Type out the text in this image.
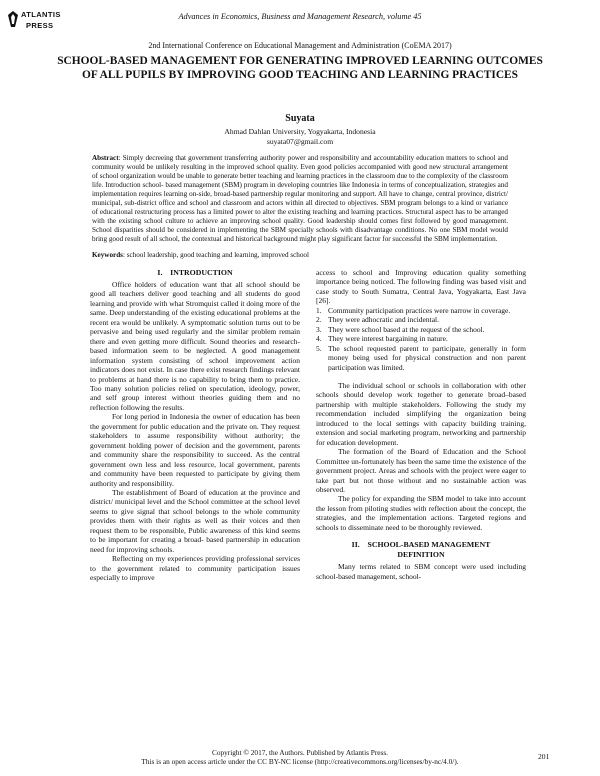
ATLANTIS
PRESS
Advances in Economics, Business and Management Research, volume 45
2nd International Conference on Educational Management and Administration (CoEMA 2017)
SCHOOL-BASED MANAGEMENT FOR GENERATING IMPROVED LEARNING OUTCOMES OF ALL PUPILS BY IMPROVING GOOD TEACHING AND LEARNING PRACTICES
Suyata
Ahmad Dahlan University, Yogyakarta, Indonesia
suyata07@gmail.com

Abstract: Simply decreeing that government transferring authority power and responsibility and accountability education matters to school and community would be unlikely resulting in the improved school quality. Even good policies accompanied with good new structural arrangement of school organization would be unable to generate better teaching and learning practices in the classroom due to the complexity of the classroom life. Introduction school- based management (SBM) program in developing countries like Indonesia in terms of conceptualization, strategies and implementation requires learning on-side, broad-based partnership regular monitoring and support. All have to change, central province, district/ municipal, sub-district office and school and classroom and actors within all directed to objectives. SBM program belongs to a kind or variance of educational restructuring process has a limited power to alter the existing teaching and learning practices. Structural aspect has to be arranged with the existing school culture to achieve an improving school quality. Good leadership should comes first followed by good management. School disparities should be considered in implementing the SBM specially schools with disadvantage conditions. No one SBM model would bring good result of all school, the contextual and historical background might play significant factor for successful the SBM implementation.

Keywords: school leadership, good teaching and learning, improved school

I. INTRODUCTION

Office holders of education want that all school should be good all teachers deliver good teaching and all students do good learning and provide with what Stromquist called it doing more of the same. Deep understanding of the existing educational problems at the recent era would be unlikely. A symptomatic solution turns out to be pervasive and being used regularly and the similar problem remain there and even getting more difficult. Sound theories and research-based information seem to be neglected. A good management information system consisting of school improvement action indicators does not exist. In case there exist research findings relevant to problems at hand there is no capability to bring them to practice. Too many solution policies relied on speculation, ideology, power, and self group interest without theories guiding them and no reflection following the results.

For long period in Indonesia the owner of education has been the government for public education and the private on. They request stakeholders to assume responsibility without authority; the government holding power of decision and the government, parents and community share the responsibility to succeed. As the central government own less and less resource, local government, parents and community have been requested to participate by giving them authority and responsibility.

The establishment of Board of education at the province and district/ municipal level and the School committee at the school level seems to give signal that school belongs to the whole community provides them with their rights as well as their voices and then request them to be responsible, Public awareness of this kind seems to be important for creating a broad- based partnership in education need for improving schools.

Reflecting on my experiences providing professional services to the government related to community participation issues especially to improve

access to school and Improving education quality something importance being noticed. The following finding was based visit and case study to South Sumatra, Central Java, Yogyakarta, East Java [26].

1. Community participation practices were narrow in coverage.
2. They were adhocratic and incidental.
3. They were school based at the request of the school.
4. They were interest bargaining in nature.
5. The school requested parent to participate, generally in form money being used for physical construction and non parent participation was limited.

The individual school or schools in collaboration with other schools should develop work together to generate broad–based partnership with multiple stakeholders. Following the study my recommendation included simplifying the organization being introduced to the local settings with capacity building training, extension and social marketing program, networking and partnership for education development.

The formation of the Board of Education and the School Committee un-fortunately has been the same time the existence of the government project. Areas and schools with the project were eager to take part but not those without and no sustainable action was observed.

The policy for expanding the SBM model to take into account the lesson from piloting studies with reflection about the concept, the strategies, and the implementation actions. Targeted regions and schools to disseminate need to be thoroughly reviewed.

II. SCHOOL-BASED MANAGEMENT
DEFINITION

Many terms related to SBM concept were used including school-based management, school-

Copyright © 2017, the Authors. Published by Atlantis Press.
This is an open access article under the CC BY-NC license (http://creativecommons.org/licenses/by-nc/4.0/).
201
